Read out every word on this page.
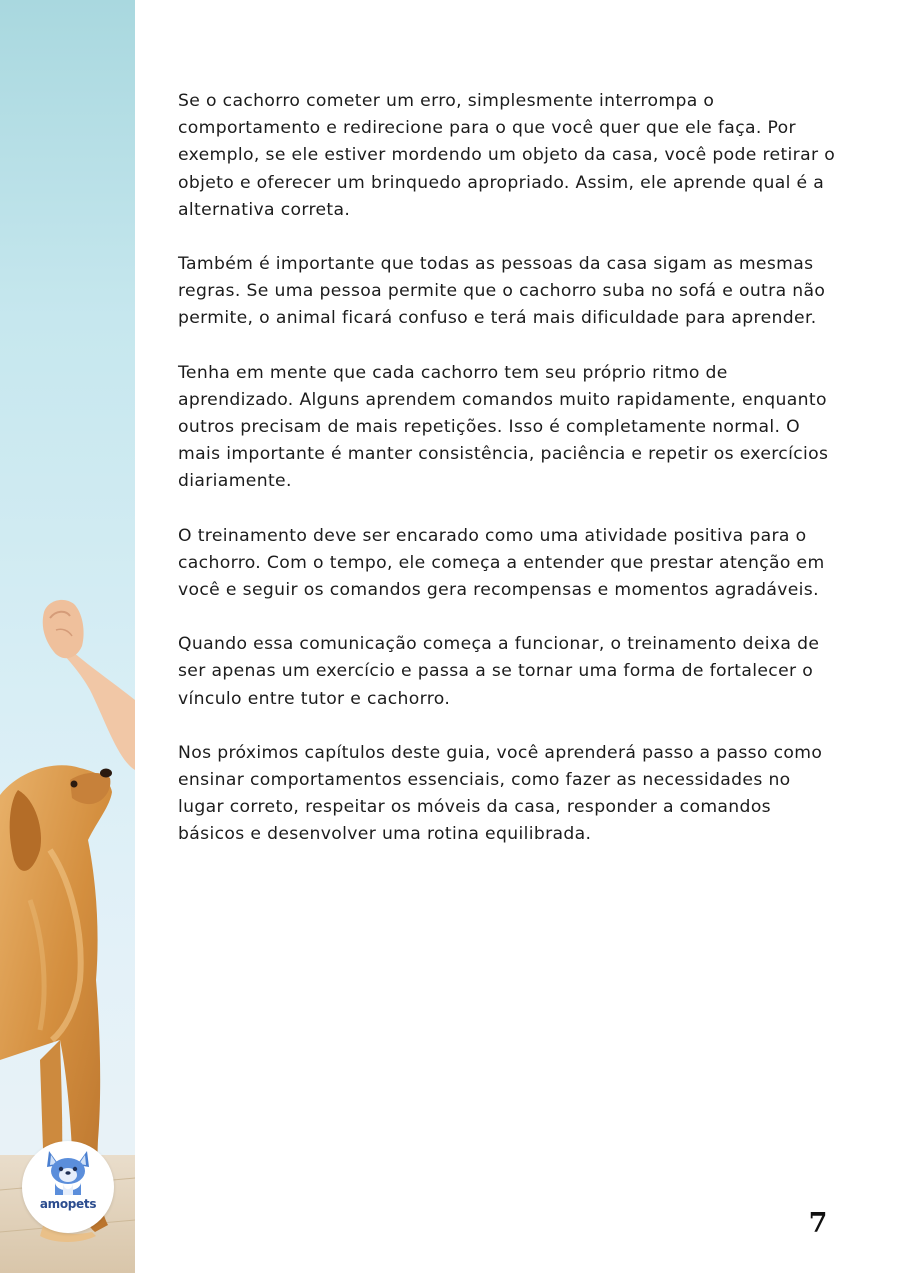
amopets

Se o cachorro cometer um erro, simplesmente interrompa o comportamento e redirecione para o que você quer que ele faça. Por exemplo, se ele estiver mordendo um objeto da casa, você pode retirar o objeto e oferecer um brinquedo apropriado. Assim, ele aprende qual é a alternativa correta.

Também é importante que todas as pessoas da casa sigam as mesmas regras. Se uma pessoa permite que o cachorro suba no sofá e outra não permite, o animal ficará confuso e terá mais dificuldade para aprender.

Tenha em mente que cada cachorro tem seu próprio ritmo de aprendizado. Alguns aprendem comandos muito rapidamente, enquanto outros precisam de mais repetições. Isso é completamente normal. O mais importante é manter consistência, paciência e repetir os exercícios diariamente.

O treinamento deve ser encarado como uma atividade positiva para o cachorro. Com o tempo, ele começa a entender que prestar atenção em você e seguir os comandos gera recompensas e momentos agradáveis.

Quando essa comunicação começa a funcionar, o treinamento deixa de ser apenas um exercício e passa a se tornar uma forma de fortalecer o vínculo entre tutor e cachorro.

Nos próximos capítulos deste guia, você aprenderá passo a passo como ensinar comportamentos essenciais, como fazer as necessidades no lugar correto, respeitar os móveis da casa, responder a comandos básicos e desenvolver uma rotina equilibrada.

7
